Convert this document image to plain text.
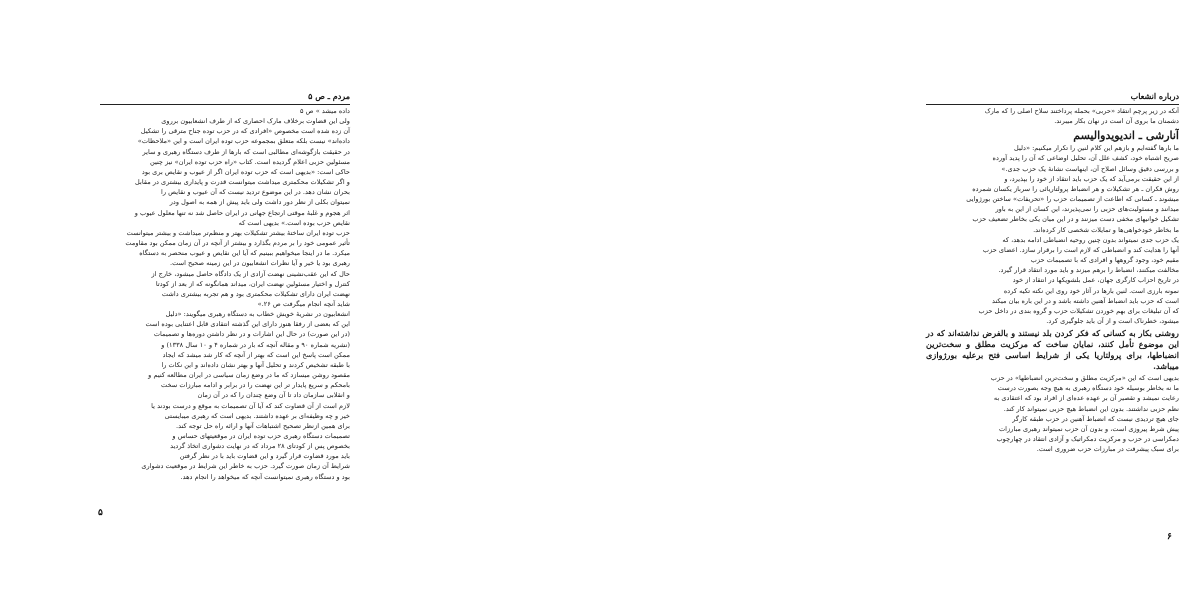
مردم ـ ص ۵

داده میشد » ص ۵

ولی این قضاوت برخلاف مارک احصاری که از طرف انشعابیون برروی

آن زده شده است مخصوص «افرادی که در حزب توده جناح مترقی را تشکیل

داده‌اند» نیست بلکه متعلق بمجموعه حزب توده ایران است و این «ملاحظات»

در حقیقت بازگوشه‌ای مطالبی است که بارها از طرف دستگاه رهبری و سایر

مسئولین حزبی اعلام گردیده است. کتاب «راه حزب توده ایران» نیز چنین

حاکی است: «بدیهی است که حزب توده ایران اگر از عیوب و نقایص بری بود

و اگر تشکیلات محکمتری میداشت میتوانست قدرت و پایداری بیشتری در مقابل

بحران نشان دهد. در این موضوع تردید نیست که آن عیوب و نقایص را

نمیتوان بکلی از نظر دور داشت ولی باید پیش از همه به اصول ودر

اثر هجوم و غلبهٔ موقتی ارتجاع جهانی در ایران حاصل شد نه تنها معلول عیوب و

نقایص حزب بوده است.» بدیهی است که

حزب توده ایران ساختهٔ بیشتر تشکیلات بهتر و منظم‌تر میداشت و بیشتر میتوانست

تأثیر عمومی خود را بر مردم بگذارد و بیشتر از آنچه در آن زمان ممکن بود مقاومت

میکرد. ما در اینجا میخواهیم ببینیم که آیا این نقایص و عیوب منحصر به دستگاه

رهبری بود یا خیر و آیا نظرات انشعابیون در این زمینه صحیح است.

حال که این عقب‌نشینی نهضت آزادی از یک دادگاه حاصل میشود، خارج از

کنترل و اختیار مسئولین نهضت ایران، میداند همانگونه که از بعد از کودتا

نهضت ایران دارای تشکیلات محکمتری بود و هم تجربه بیشتری داشت

شاید آنچه انجام میگرفت ص ۲۶.»

انشعابیون در نشریهٔ خویش خطاب به دستگاه رهبری میگویند: «دلیل

این که بعضی از رفقا هنوز دارای این گذشته انتقادی قابل اعتنایی بوده است

(در این صورت) در حال این اشارات و در نظر داشتن دوره‌ها و تصمیمات

(نشریه شماره ۹۰ و مقاله آنچه که بار در شماره ۴ و ۱۰ سال ۱۳۳۸) و

ممکن است پاسخ این است که بهتر از آنچه که کار شد میشد که ایجاد

با طبقه تشخیص کردند و تحلیل آنها و بهتر نشان داده‌اند و این نکات را

مقصود روشن میسازد که ما در وضع زمان سیاسی در ایران مطالعه کنیم و

بامحکم و سریع پایدار تر این نهضت را در برابر و ادامه مبارزات سخت

و انقلابی سازمان داد تا آن وضع چندان را که در آن زمان

لازم است از آن قضاوت کند که آیا آن تصمیمات به موقع و درست بودند یا

خیر و چه وظیفه‌ای بر عهده داشتند. بدیهی است که رهبری میبایستی

برای همین ازنظر تصحیح اشتباهات آنها و ارائه راه حل توجه کند.

تصمیمات دستگاه رهبری حزب توده ایران در موقعیتهای حساس و

بخصوص پس از کودتای ۲۸ مرداد که در نهایت دشواری اتخاذ گردید

باید مورد قضاوت قرار گیرد و این قضاوت باید با در نظر گرفتن

شرایط آن زمان صورت گیرد. حزب به خاطر این شرایط در موقعیت دشواری

بود و دستگاه رهبری نمیتوانست آنچه که میخواهد را انجام دهد.

۵
درباره انشعاب

آنکه در زیر پرچم انتقاد «حربی» بحمله پرداختند سلاح اصلی را که مارک

دشمنان ما بروی آن است در نهان بکار میبرند.

آنارشی ـ اندیویدوالیسم

ما بارها گفته‌ایم و بازهم این کلام لنین را تکرار میکنیم: «دلیل

صریح اشتباه خود، کشف علل آن، تحلیل اوضاعی که آن را پدید آورده

و بررسی دقیق وسائل اصلاح آن، اینهاست نشانهٔ یک حزب جدی.»

از این حقیقت برمی‌آید که یک حزب باید انتقاد از خود را بپذیرد، و

روش فکران ـ هر تشکیلات و هر انضباط پرولتاریائی را سرباز یکسان شمرده

میشوند ـ کسانی که اطاعت از تصمیمات حزب را «تحریفات» ساختن بورژوایی

میدانند و مسئولیت‌های حزبی را نمی‌پذیرند، این کسان از این به باور

تشکیل خوانیهای مخفی دست میزنند و در این میان یکی بخاطر تضعیف حزب

ما بخاطر خودخواهی‌ها و تمایلات شخصی کار کرده‌اند.

یک حزب جدی نمیتواند بدون چنین روحیه انضباطی ادامه بدهد، که

آنها را هدایت کند و انضباطی که لازم است را برقرار سازد. اعضای حزب

مقیم خود، وجود گروهها و افرادی که با تصمیمات حزب

مخالفت میکنند، انضباط را برهم میزند و باید مورد انتقاد قرار گیرد.

در تاریخ احزاب کارگری جهان، عمل بلشویکها در انتقاد از خود

نمونه بارزی است. لنین بارها در آثار خود روی این نکته تکیه کرده

است که حزب باید انضباط آهنین داشته باشد و در این باره بیان میکند

که آن تبلیغات برای بهم خوردن تشکیلات حزب و گروه بندی در داخل حزب

میشود، خطرناک است و از آن باید جلوگیری کرد.

روشنی بکار به کسانی که فکر کردن بلد نیستند و بالفرض نداشته‌اند که در این موضوع تأمل کنند، نمایان ساخت که مرکزیت مطلق و سخت‌ترین انضباطها، برای پرولتاریا یکی از شرایط اساسی فتح برعلیه بورژوازی میباشد.

بدیهی است که این «مرکزیت مطلق و سخت‌ترین انضباطها» در حزب

ما نه بخاطر بوسیله خود دستگاه رهبری به هیچ وجه بصورت درست

رعایت نمیشد و تقصیر آن بر عهده عده‌ای از افراد بود که اعتقادی به

نظم حزبی نداشتند. بدون این انضباط هیچ حزبی نمیتواند کار کند.

جای هیچ تردیدی نیست که انضباط آهنین در حزب طبقه کارگر

پیش شرط پیروزی است، و بدون آن حزب نمیتواند رهبری مبارزات

دمکراسی در حزب و مرکزیت دمکراتیک و آزادی انتقاد در چهارچوب

برای سبک پیشرفت در مبارزات حزب ضروری است.

۶
